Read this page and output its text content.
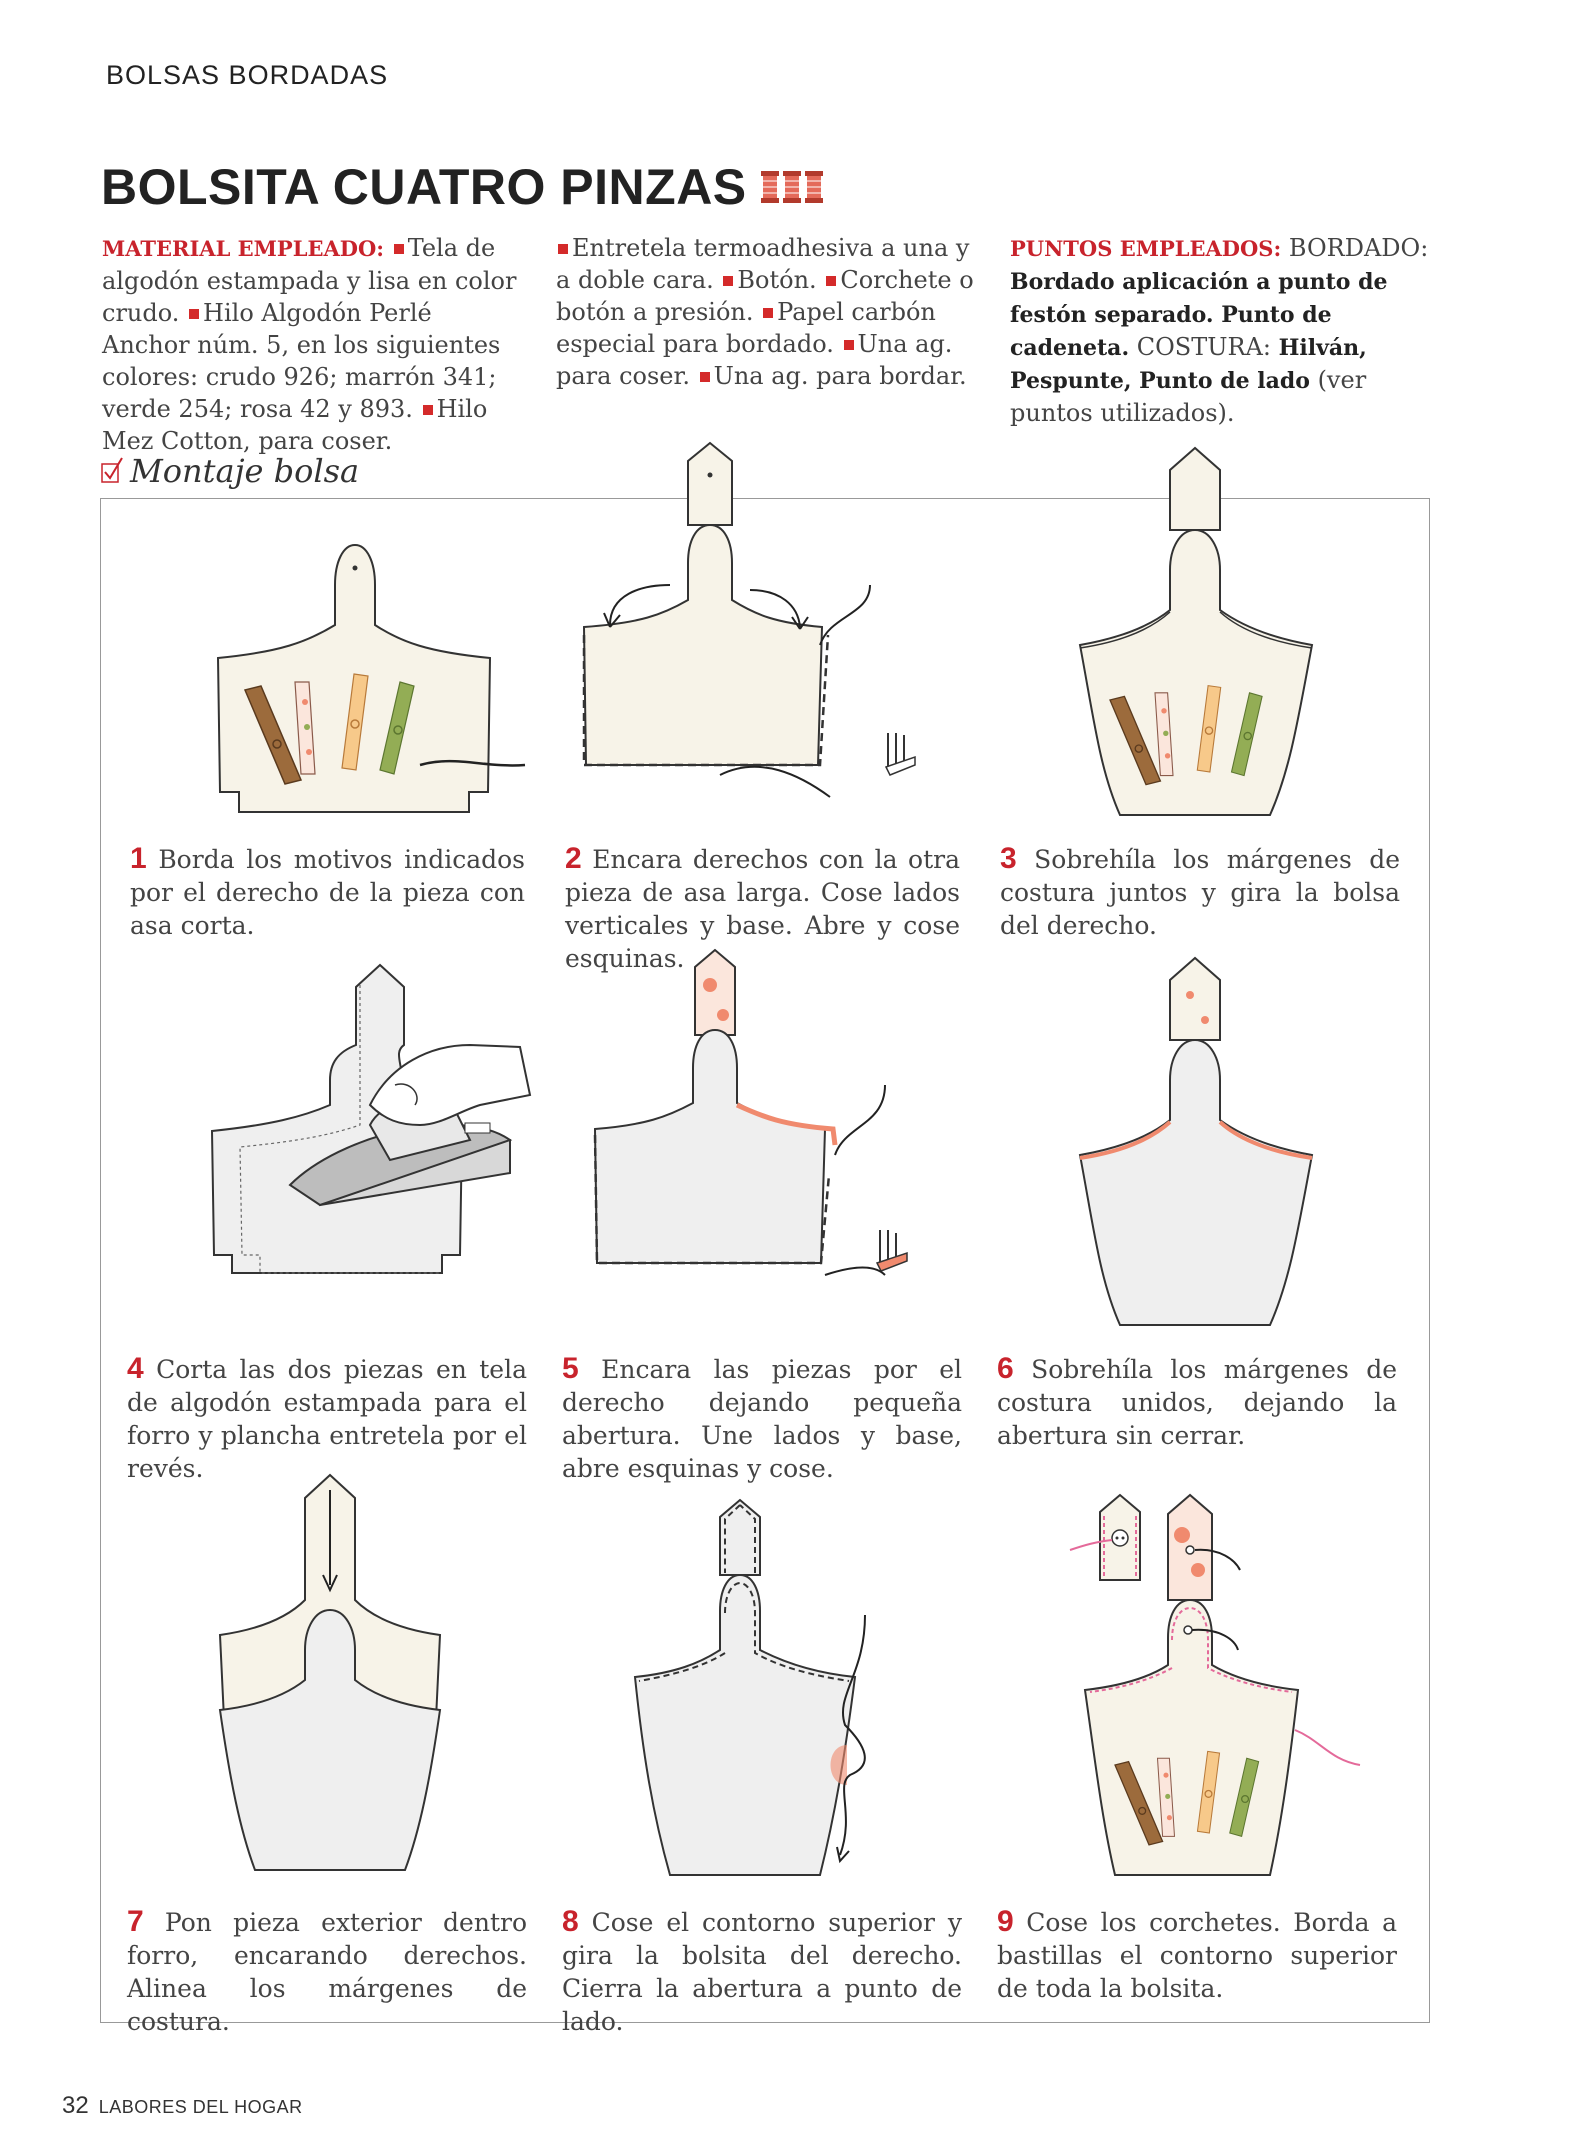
BOLSAS BORDADAS
BOLSITA CUATRO PINZAS
MATERIAL EMPLEADO: Tela de algodón estampada y lisa en color crudo. Hilo Algodón Perlé Anchor núm. 5, en los siguientes colores: crudo 926; marrón 341; verde 254; rosa 42 y 893. Hilo Mez Cotton, para coser.
Entretela termoadhesiva a una y a doble cara. Botón. Corchete o botón a presión. Papel carbón especial para bordado. Una ag. para coser. Una ag. para bordar.
PUNTOS EMPLEADOS: BORDADO: Bordado aplicación a punto de festón separado. Punto de cadeneta. COSTURA: Hilván, Pespunte, Punto de lado (ver puntos utilizados).
Montaje bolsa
1 Borda los motivos indicados por el derecho de la pieza con asa corta.
2 Encara derechos con la otra pieza de asa larga. Cose lados verticales y base. Abre y cose esquinas.
3 Sobrehíla los márgenes de costura juntos y gira la bolsa del derecho.
4 Corta las dos piezas en tela de algodón estampada para el forro y plancha entretela por el revés.
5 Encara las piezas por el derecho dejando pequeña abertura. Une lados y base, abre esquinas y cose.
6 Sobrehíla los márgenes de costura unidos, dejando la abertura sin cerrar.
7 Pon pieza exterior dentro forro, encarando derechos. Alinea los márgenes de costura.
8 Cose el contorno superior y gira la bolsita del derecho. Cierra la abertura a punto de lado.
9 Cose los corchetes. Borda a bastillas el contorno superior de toda la bolsita.
32 LABORES DEL HOGAR
